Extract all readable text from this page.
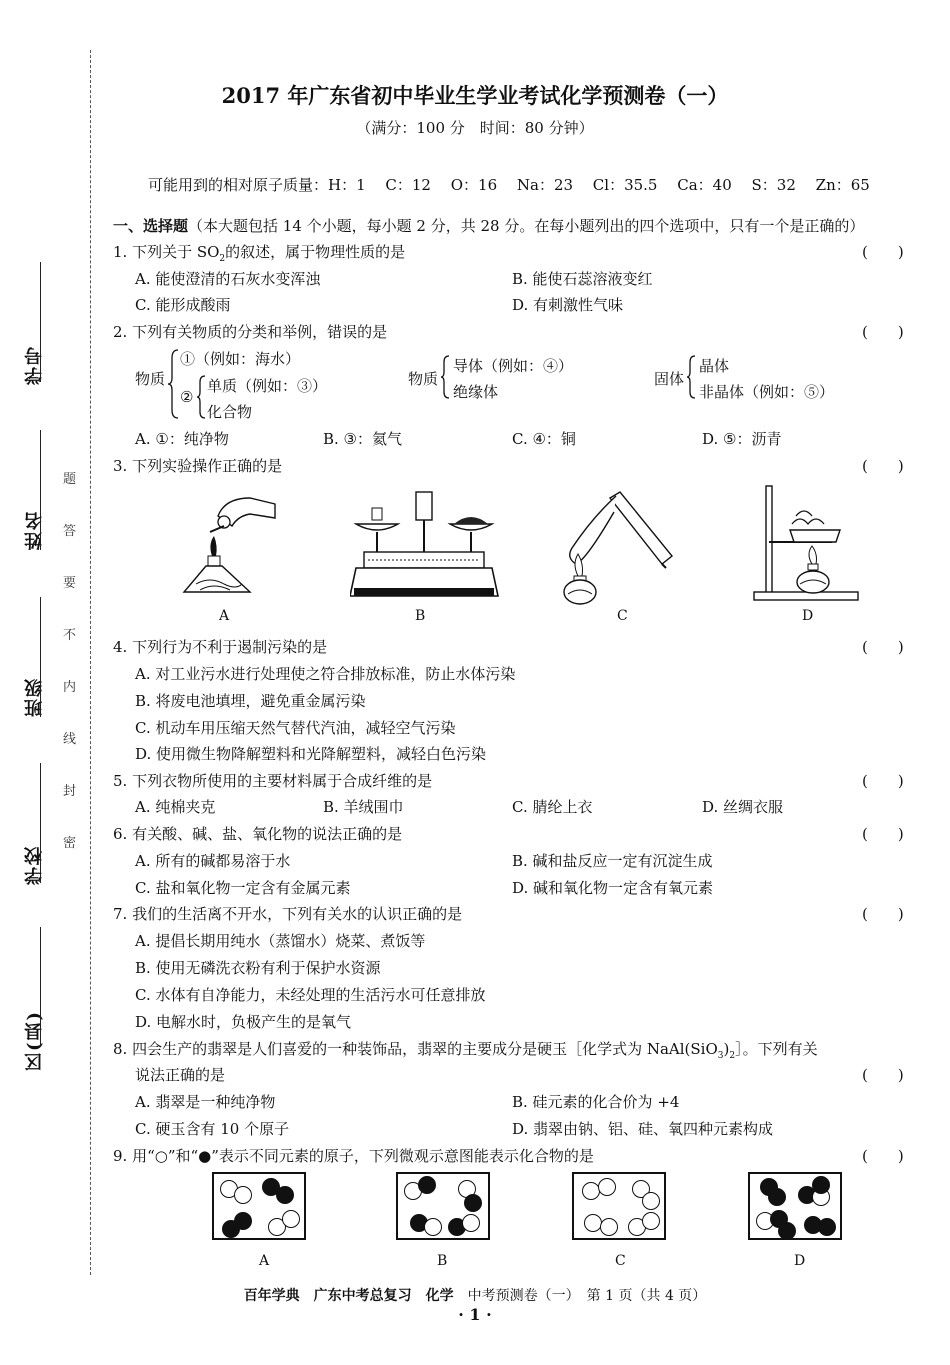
学号
姓名
班级
学校
区(县)
题
答
要
不
内
线
封
密
2017 年广东省初中毕业生学业考试化学预测卷（一）
（满分：100 分　时间：80 分钟）
可能用到的相对原子质量：H：1　 C：12　 O：16　 Na：23　 Cl：35.5　 Ca：40　 S：32　 Zn：65
一、选择题（本大题包括 14 个小题，每小题 2 分，共 28 分。在每小题列出的四个选项中，只有一个是正确的）
1. 下列关于 $SO_2$的叙述，属于物理性质的是	(　　)
A. 能使澄清的石灰水变浑浊	B. 能使石蕊溶液变红
C. 能形成酸雨	D. 有刺激性气味
2. 下列有关物质的分类和举例，错误的是	(　　)
物质
①（例如：海水）
②
单质（例如：③）
化合物
物质
导体（例如：④）
绝缘体
固体
晶体
非晶体（例如：⑤）
A. ①：纯净物	B. ③：氦气	C. ④：铜	D. ⑤：沥青
3. 下列实验操作正确的是	(　　)
A	B	C	D
4. 下列行为不利于遏制污染的是	(　　)
A. 对工业污水进行处理使之符合排放标准，防止水体污染
B. 将废电池填埋，避免重金属污染
C. 机动车用压缩天然气替代汽油，减轻空气污染
D. 使用微生物降解塑料和光降解塑料，减轻白色污染
5. 下列衣物所使用的主要材料属于合成纤维的是	(　　)
A. 纯棉夹克	B. 羊绒围巾	C. 腈纶上衣	D. 丝绸衣服
6. 有关酸、碱、盐、氧化物的说法正确的是	(　　)
A. 所有的碱都易溶于水	B. 碱和盐反应一定有沉淀生成
C. 盐和氧化物一定含有金属元素	D. 碱和氧化物一定含有氧元素
7. 我们的生活离不开水，下列有关水的认识正确的是	(　　)
A. 提倡长期用纯水（蒸馏水）烧菜、煮饭等
B. 使用无磷洗衣粉有利于保护水资源
C. 水体有自净能力，未经处理的生活污水可任意排放
D. 电解水时，负极产生的是氧气
8. 四会生产的翡翠是人们喜爱的一种装饰品，翡翠的主要成分是硬玉［化学式为 $NaAl(SiO_3)_2]$。下列有关
说法正确的是	(　　)
A. 翡翠是一种纯净物	B. 硅元素的化合价为 +4
C. 硬玉含有 10 个原子	D. 翡翠由钠、铝、硅、氧四种元素构成
9. 用“○”和“●”表示不同元素的原子，下列微观示意图能表示化合物的是	(　　)
A	B	C	D
百年学典　广东中考总复习　化学　中考预测卷（一）　第 1 页（共 4 页）
· 1 ·
